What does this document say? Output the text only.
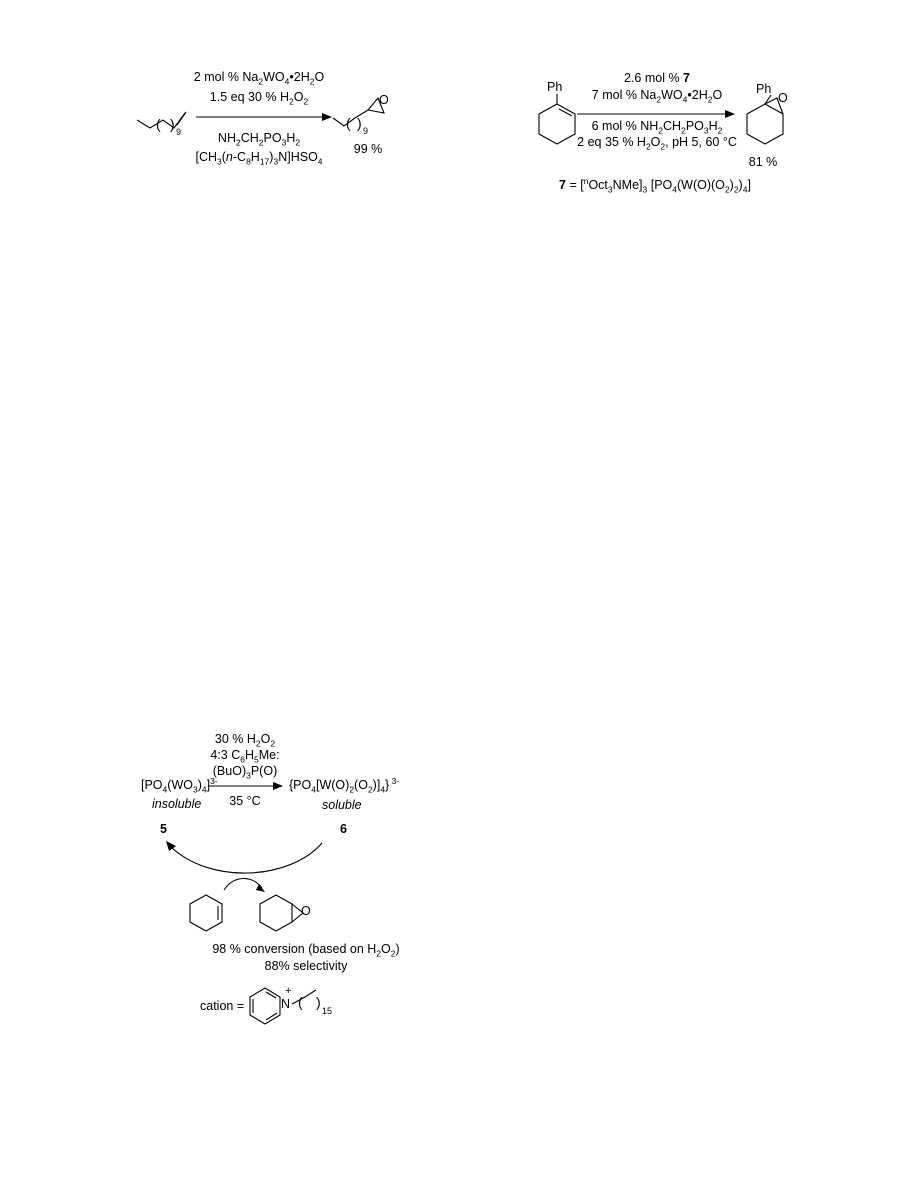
( ) 9
( ) 9
O
2 mol % $Na_2WO_4•2H_2O$
1.5 eq 30 % $H_2O_2$
$NH_2CH_2PO_3H_2$
$[CH_3(n-C_8H_{17})_3N]HSO_4$
99 %
Ph	Ph
O
2.6 mol % 7
7 mol % $Na_2WO_4•2H_2O$
6 mol % $NH_2CH_2PO_3H_2$
2 eq 35 % $H_2O_2$, pH 5, 60 °C
81 %
$7 = [^nOct_3NMe]_3$ $[PO_4(W(O)(O_2)_2)_4]$
30 % $H_2O_2$
4:3 $C_6H_5Me$:
$(BuO)_3P(O)$
35 °C
$[PO_4(WO_3)_4]^{3-}$
insoluble
$\{PO_4[W(O)_2(O_2)]_4\}$ $^{3-}$
soluble
5	6
O
98 % conversion (based on $H_2O_2$)
88% selectivity
cation =	N
+
( )
15
